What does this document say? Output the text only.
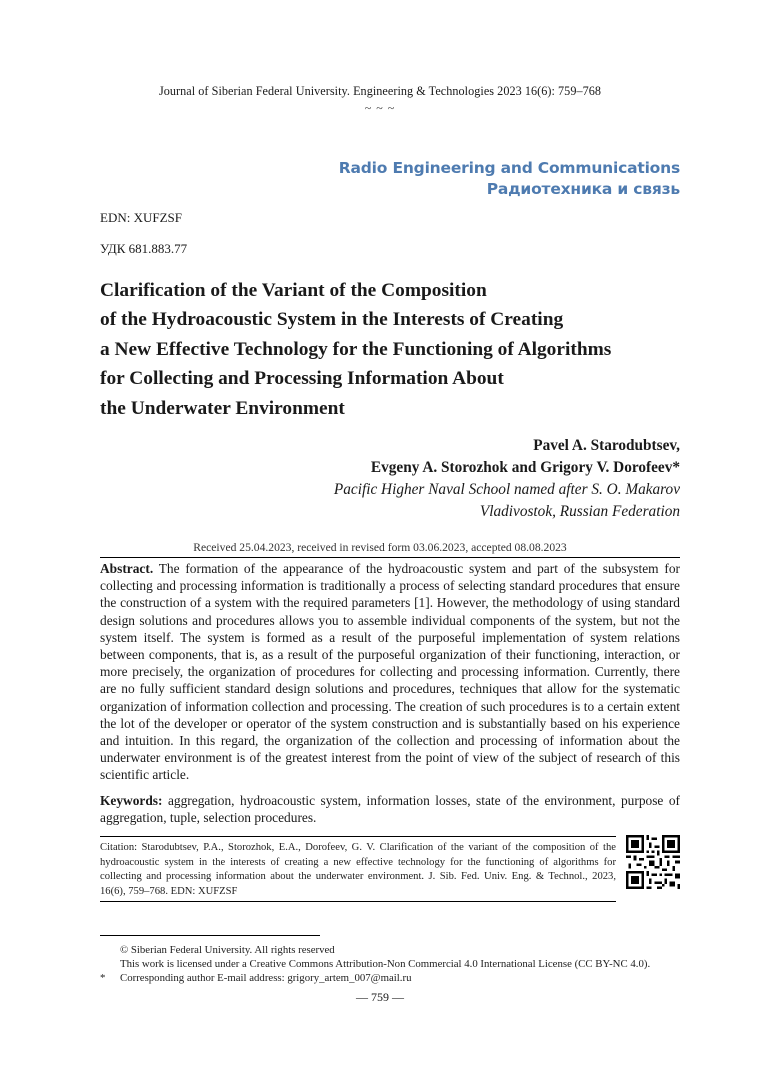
Journal of Siberian Federal University. Engineering & Technologies 2023 16(6): 759–768
~ ~ ~
Radio Engineering and Communications
Радиотехника и связь
EDN: XUFZSF
УДК 681.883.77
Clarification of the Variant of the Composition
of the Hydroacoustic System in the Interests of Creating
a New Effective Technology for the Functioning of Algorithms
for Collecting and Processing Information About
the Underwater Environment
Pavel A. Starodubtsev,
Evgeny A. Storozhok and Grigory V. Dorofeev*
Pacific Higher Naval School named after S. O. Makarov
Vladivostok, Russian Federation
Received 25.04.2023, received in revised form 03.06.2023, accepted 08.08.2023
Abstract. The formation of the appearance of the hydroacoustic system and part of the subsystem for collecting and processing information is traditionally a process of selecting standard procedures that ensure the construction of a system with the required parameters [1]. However, the methodology of using standard design solutions and procedures allows you to assemble individual components of the system, but not the system itself. The system is formed as a result of the purposeful implementation of system relations between components, that is, as a result of the purposeful organization of their functioning, interaction, or more precisely, the organization of procedures for collecting and processing information. Currently, there are no fully sufficient standard design solutions and procedures, techniques that allow for the systematic organization of information collection and processing. The creation of such procedures is to a certain extent the lot of the developer or operator of the system construction and is substantially based on his experience and intuition. In this regard, the organization of the collection and processing of information about the underwater environment is of the greatest interest from the point of view of the subject of research of this scientific article.
Keywords: aggregation, hydroacoustic system, information losses, state of the environment, purpose of aggregation, tuple, selection procedures.
Citation: Starodubtsev, P.A., Storozhok, E.A., Dorofeev, G. V. Clarification of the variant of the composition of the hydroacoustic system in the interests of creating a new effective technology for the functioning of algorithms for collecting and processing information about the underwater environment. J. Sib. Fed. Univ. Eng. & Technol., 2023, 16(6), 759–768. EDN: XUFZSF
© Siberian Federal University. All rights reserved
This work is licensed under a Creative Commons Attribution-Non Commercial 4.0 International License (CC BY-NC 4.0).
* Corresponding author E-mail address: grigory_artem_007@mail.ru
— 759 —
